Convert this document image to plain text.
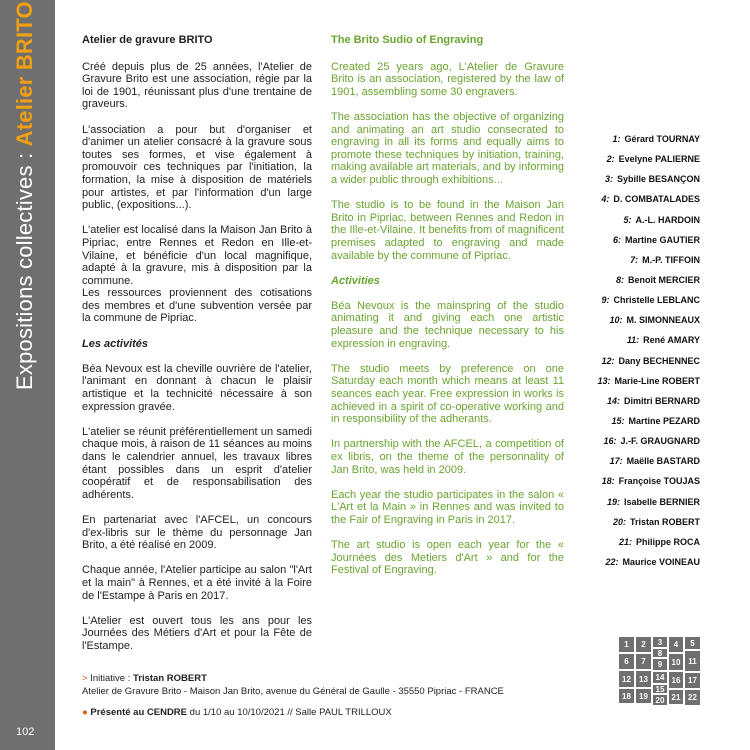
Expositions collectives : Atelier BRITO
102
Atelier de gravure BRITO

Créé depuis plus de 25 années, l'Atelier de Gravure Brito est une association, régie par la loi de 1901, réunissant plus d'une trentaine de graveurs.

L'association a pour but d'organiser et d'animer un atelier consacré à la gravure sous toutes ses formes, et vise également à promouvoir ces techniques par l'initiation, la formation, la mise à disposition de matériels pour artistes, et par l'information d'un large public, (expositions...).

L'atelier est localisé dans la Maison Jan Brito à Pipriac, entre Rennes et Redon en Ille-et-Vilaine, et bénéficie d'un local magnifique, adapté à la gravure, mis à disposition par la commune.

Les ressources proviennent des cotisations des membres et d'une subvention versée par la commune de Pipriac.

Les activités

Béa Nevoux est la cheville ouvrière de l'atelier, l'animant en donnant à chacun le plaisir artistique et la technicité nécessaire à son expression gravée.

L'atelier se réunit préférentiellement un samedi chaque mois, à raison de 11 séances au moins dans le calendrier annuel, les travaux libres étant possibles dans un esprit d'atelier coopératif et de responsabilisation des adhérents.

En partenariat avec l'AFCEL, un concours d'ex-libris sur le thème du personnage Jan Brito, a été réalisé en 2009.

Chaque année, l'Atelier participe au salon "l'Art et la main" à Rennes, et a été invité à la Foire de l'Estampe à Paris en 2017.

L'Atelier est ouvert tous les ans pour les Journées des Métiers d'Art et pour la Fête de l'Estampe.

The Brito Sudio of Engraving

Created 25 years ago, L'Atelier de Gravure Brito is an association, registered by the law of 1901, assembling some 30 engravers.

The association has the objective of organizing and animating an art studio consecrated to engraving in all its forms and equally aims to promote these techniques by initiation, training, making available art materials, and by informing a wider public through exhibitions...

The studio is to be found in the Maison Jan Brito in Pipriac, between Rennes and Redon in the Ille-et-Vilaine. It benefits from of magnificent premises adapted to engraving and made available by the commune of Pipriac.

Activities

Béa Nevoux is the mainspring of the studio animating it and giving each one artistic pleasure and the technique necessary to his expression in engraving.

The studio meets by preference on one Saturday each month which means at least 11 seances each year. Free expression in works is achieved in a spirit of co-operative working and in responsibility of the adherants.

In partnership with the AFCEL, a competition of ex libris, on the theme of the personnality of Jan Brito, was held in 2009.

Each year the studio participates in the salon « L'Art et la Main » in Rennes and was invited to the Fair of Engraving in Paris in 2017.

The art studio is open each year for the « Journées des Metiers d'Art » and for the Festival of Engraving.

1: Gérard TOURNAY
2: Evelyne PALIERNE
3: Sybille BESANÇON
4: D. COMBATALADES
5: A.-L. HARDOIN
6: Martine GAUTIER
7: M.-P. TIFFOIN
8: Benoît MERCIER
9: Christelle LEBLANC
10: M. SIMONNEAUX
11: René AMARY
12: Dany BECHENNEC
13: Marie-Line ROBERT
14: Dimitri BERNARD
15: Martine PEZARD
16: J.-F. GRAUGNARD
17: Maëlle BASTARD
18: Françoise TOUJAS
19: Isabelle BERNIER
20: Tristan ROBERT
21: Philippe ROCA
22: Maurice VOINEAU
> Initiative : Tristan ROBERT
Atelier de Gravure Brito - Maison Jan Brito, avenue du Général de Gaulle - 35550 Pipriac - FRANCE
● Présenté au CENDRE du 1/10 au 10/10/2021 // Salle PAUL TRILLOUX
1	2	3	4	5
6	7
8
9	10 11
12	13 14
15
16 17
18	19 20 21 22
